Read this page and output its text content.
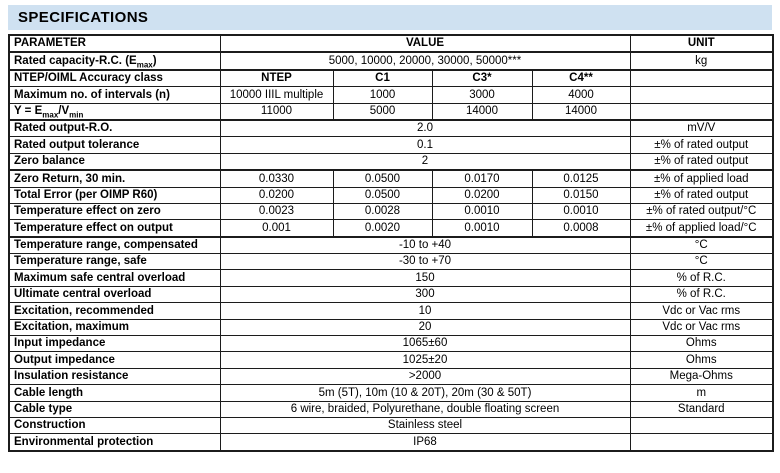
SPECIFICATIONS
PARAMETER	VALUE				UNIT
Rated capacity-R.C. $(E_{max})$	5000, 10000, 20000, 30000, 50000***				kg
NTEP/OIML Accuracy class	NTEP	C1	C3*	C4**	
Maximum no. of intervals (n)	10000 IIIL multiple	1000	3000	4000	
$Y = E_{max}/V_{min}$	11000	5000	14000	14000	
Rated output-R.O.	2.0				mV/V
Rated output tolerance	0.1				±% of rated output
Zero balance	2				±% of rated output
Zero Return, 30 min.	0.0330	0.0500	0.0170	0.0125	±% of applied load
Total Error (per OIMP R60)	0.0200	0.0500	0.0200	0.0150	±% of rated output
Temperature effect on zero	0.0023	0.0028	0.0010	0.0010	±% of rated output/°C
Temperature effect on output	0.001	0.0020	0.0010	0.0008	±% of applied load/°C
Temperature range, compensated	-10 to +40				°C
Temperature range, safe	-30 to +70				°C
Maximum safe central overload	150				% of R.C.
Ultimate central overload	300				% of R.C.
Excitation, recommended	10				Vdc or Vac rms
Excitation, maximum	20				Vdc or Vac rms
Input impedance	1065±60				Ohms
Output impedance	1025±20				Ohms
Insulation resistance	>2000				Mega-Ohms
Cable length	5m (5T), 10m (10 & 20T), 20m (30 & 50T)				m
Cable type	6 wire, braided, Polyurethane, double floating screen				Standard
Construction	Stainless steel				
Environmental protection	IP68				
